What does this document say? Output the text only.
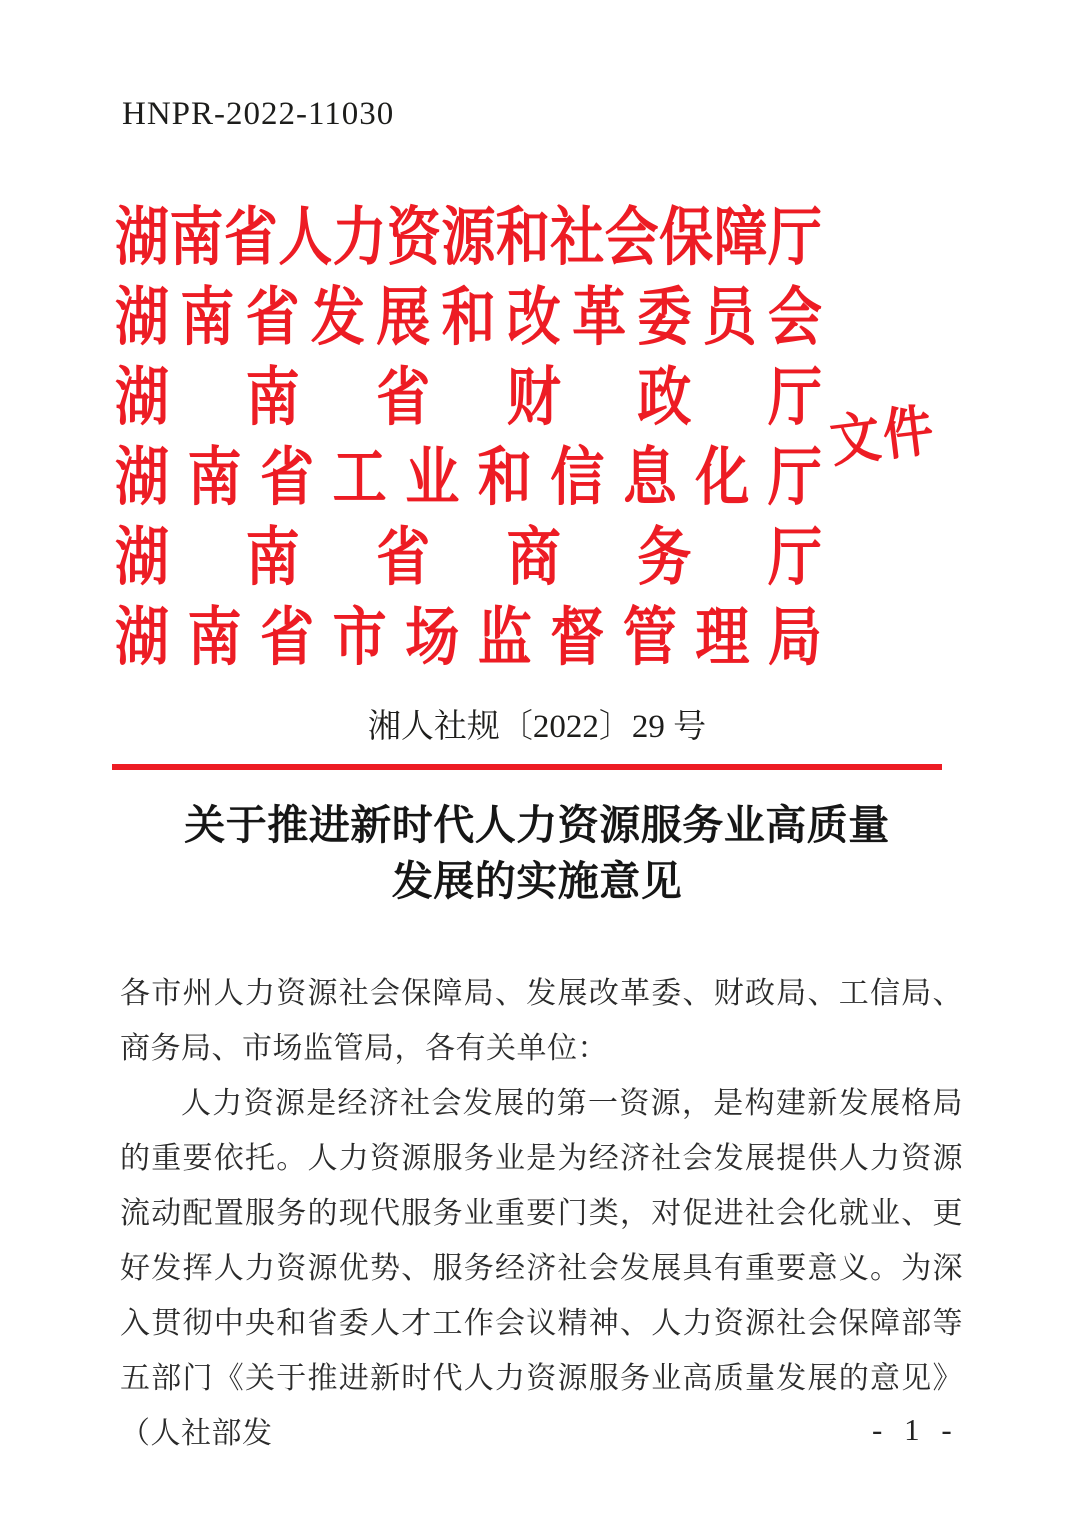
HNPR-2022-11030
湖 南 省 人 力 资 源 和 社 会 保 障 厅
湖 南 省 发 展 和 改 革 委 员 会
湖 南 省 财 政 厅
湖 南 省 工 业 和 信 息 化 厅
湖 南 省 商 务 厅
湖 南 省 市 场 监 督 管 理 局
文
件
湘人社规〔2022〕29 号
关于推进新时代人力资源服务业高质量
发展的实施意见

各市州人力资源社会保障局、发展改革委、财政局、工信局、商务局、市场监管局，各有关单位：

人力资源是经济社会发展的第一资源，是构建新发展格局的重要依托。人力资源服务业是为经济社会发展提供人力资源流动配置服务的现代服务业重要门类，对促进社会化就业、更好发挥人力资源优势、服务经济社会发展具有重要意义。为深入贯彻中央和省委人才工作会议精神、人力资源社会保障部等五部门《关于推进新时代人力资源服务业高质量发展的意见》（人社部发	- 1 -
